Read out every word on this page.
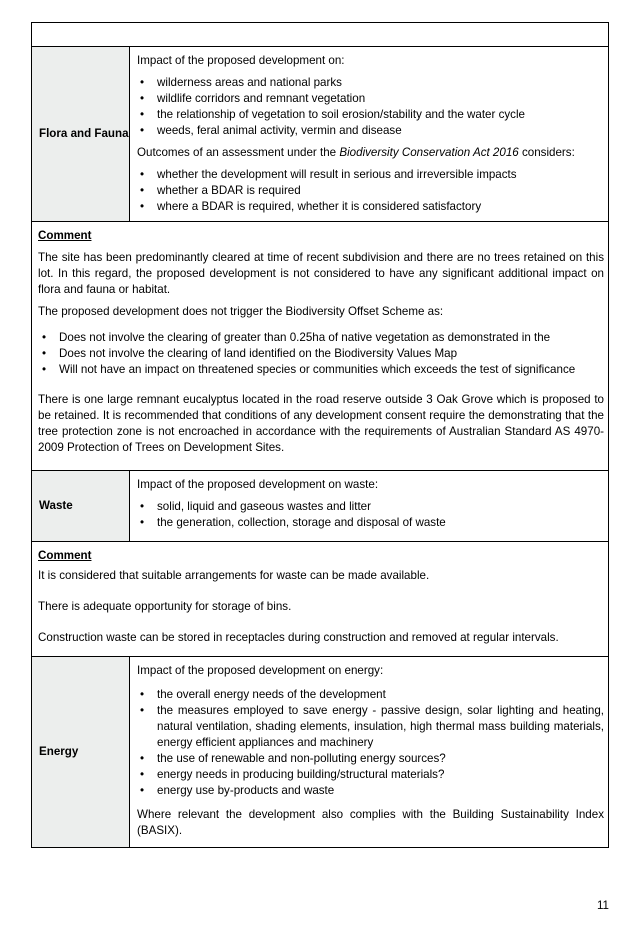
Flora and Fauna

Impact of the proposed development on:

• wilderness areas and national parks
• wildlife corridors and remnant vegetation
• the relationship of vegetation to soil erosion/stability and the water cycle
• weeds, feral animal activity, vermin and disease

Outcomes of an assessment under the Biodiversity Conservation Act 2016 considers:

• whether the development will result in serious and irreversible impacts
• whether a BDAR is required
• where a BDAR is required, whether it is considered satisfactory
Comment

The site has been predominantly cleared at time of recent subdivision and there are no trees retained on this lot. In this regard, the proposed development is not considered to have any significant additional impact on flora and fauna or habitat.

The proposed development does not trigger the Biodiversity Offset Scheme as:

• Does not involve the clearing of greater than 0.25ha of native vegetation as demonstrated in the
• Does not involve the clearing of land identified on the Biodiversity Values Map
• Will not have an impact on threatened species or communities which exceeds the test of significance

There is one large remnant eucalyptus located in the road reserve outside 3 Oak Grove which is proposed to be retained. It is recommended that conditions of any development consent require the demonstrating that the tree protection zone is not encroached in accordance with the requirements of Australian Standard AS 4970-2009 Protection of Trees on Development Sites.

Waste

Impact of the proposed development on waste:

• solid, liquid and gaseous wastes and litter
• the generation, collection, storage and disposal of waste
Comment

It is considered that suitable arrangements for waste can be made available.

There is adequate opportunity for storage of bins.

Construction waste can be stored in receptacles during construction and removed at regular intervals.

Energy

Impact of the proposed development on energy:

• the overall energy needs of the development
• the measures employed to save energy - passive design, solar lighting and heating, natural ventilation, shading elements, insulation, high thermal mass building materials, energy efficient appliances and machinery
• the use of renewable and non-polluting energy sources?
• energy needs in producing building/structural materials?
• energy use by-products and waste

Where relevant the development also complies with the Building Sustainability Index (BASIX).

11
